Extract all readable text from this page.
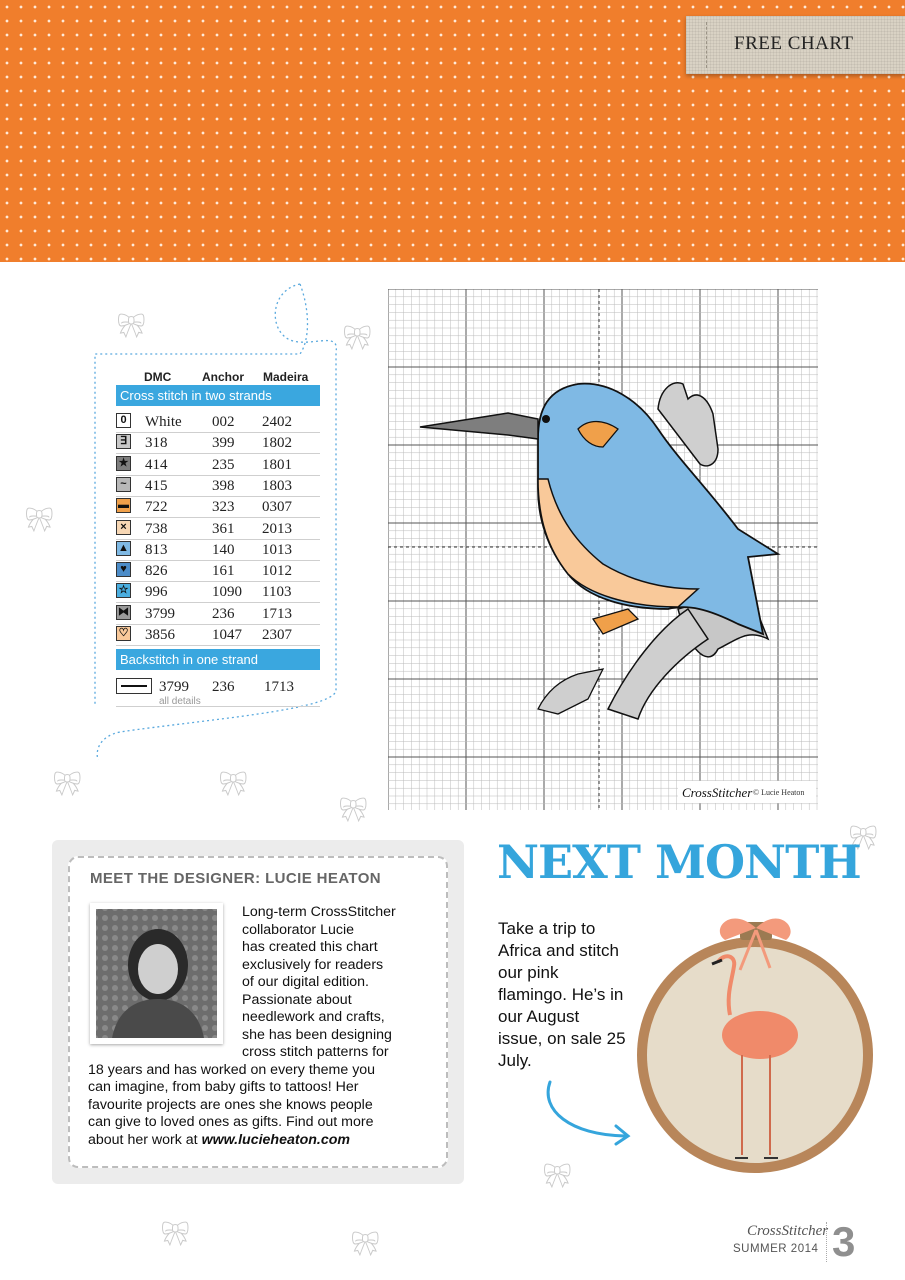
FREE CHART
🎀︎	🎀︎
🎀︎
🎀︎	🎀︎
🎀︎
🎀︎
🎀︎
🎀︎	🎀︎
DMC	Anchor Madeira
Cross stitch in two strands
0 White 002 2402
∃ 318	399 1802
★ 414	235 1801
~ 415	398 1803
▬ 722	323 0307
× 738	361 2013
▲ 813	140 1013
♥ 826	161 1012
☆ 996	1090 1103
⧓ 3799 236 1713
♡ 3856 1047 2307
Backstitch in one strand
3799 236 1713
all details
CrossStitcher © Lucie Heaton
MEET THE DESIGNER: LUCIE HEATON
Long-term CrossStitcher
collaborator Lucie
has created this chart
exclusively for readers
of our digital edition.
Passionate about
needlework and crafts,
she has been designing
cross stitch patterns for
18 years and has worked on every theme you
can imagine, from baby gifts to tattoos! Her
favourite projects are ones she knows people
can give to loved ones as gifts. Find out more
about her work at www.lucieheaton.com
NEXT MONTH
Take a trip to Africa and stitch our pink flamingo. He’s in our August issue, on sale 25 July.
CrossStitcher
SUMMER 2014 3
